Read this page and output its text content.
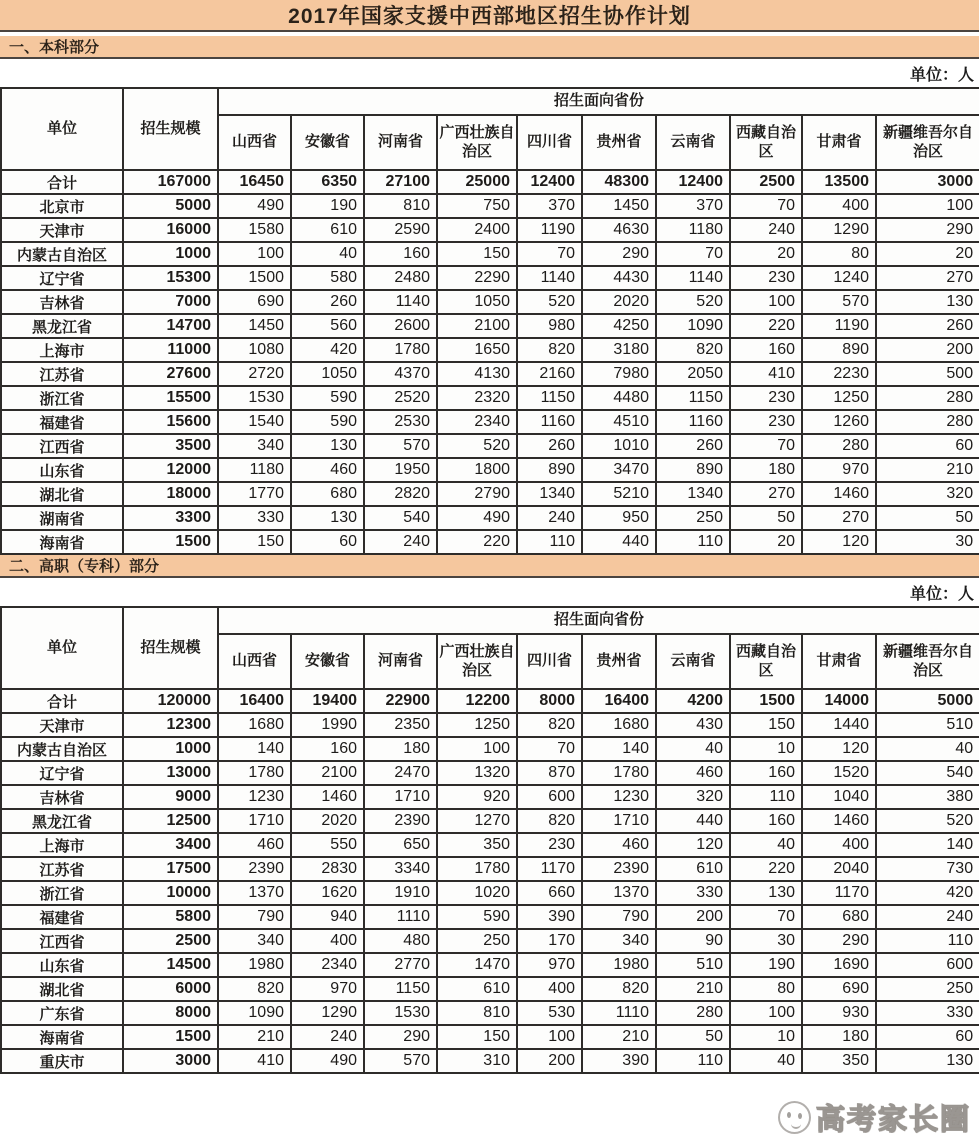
2017年国家支援中西部地区招生协作计划
一、本科部分
单位：人
单位	招生规模	招生面向省份									
		山西省	安徽省	河南省	广西壮族自治区	四川省	贵州省	云南省	西藏自治区	甘肃省	新疆维吾尔自治区
合计	167000	16450	6350	27100	25000	12400	48300	12400	2500	13500	3000
北京市	5000	490	190	810	750	370	1450	370	70	400	100
天津市	16000	1580	610	2590	2400	1190	4630	1180	240	1290	290
内蒙古自治区	1000	100	40	160	150	70	290	70	20	80	20
辽宁省	15300	1500	580	2480	2290	1140	4430	1140	230	1240	270
吉林省	7000	690	260	1140	1050	520	2020	520	100	570	130
黑龙江省	14700	1450	560	2600	2100	980	4250	1090	220	1190	260
上海市	11000	1080	420	1780	1650	820	3180	820	160	890	200
江苏省	27600	2720	1050	4370	4130	2160	7980	2050	410	2230	500
浙江省	15500	1530	590	2520	2320	1150	4480	1150	230	1250	280
福建省	15600	1540	590	2530	2340	1160	4510	1160	230	1260	280
江西省	3500	340	130	570	520	260	1010	260	70	280	60
山东省	12000	1180	460	1950	1800	890	3470	890	180	970	210
湖北省	18000	1770	680	2820	2790	1340	5210	1340	270	1460	320
湖南省	3300	330	130	540	490	240	950	250	50	270	50
海南省	1500	150	60	240	220	110	440	110	20	120	30
二、高职（专科）部分
单位：人
单位	招生规模	招生面向省份									
		山西省	安徽省	河南省	广西壮族自治区	四川省	贵州省	云南省	西藏自治区	甘肃省	新疆维吾尔自治区
合计	120000	16400	19400	22900	12200	8000	16400	4200	1500	14000	5000
天津市	12300	1680	1990	2350	1250	820	1680	430	150	1440	510
内蒙古自治区	1000	140	160	180	100	70	140	40	10	120	40
辽宁省	13000	1780	2100	2470	1320	870	1780	460	160	1520	540
吉林省	9000	1230	1460	1710	920	600	1230	320	110	1040	380
黑龙江省	12500	1710	2020	2390	1270	820	1710	440	160	1460	520
上海市	3400	460	550	650	350	230	460	120	40	400	140
江苏省	17500	2390	2830	3340	1780	1170	2390	610	220	2040	730
浙江省	10000	1370	1620	1910	1020	660	1370	330	130	1170	420
福建省	5800	790	940	1110	590	390	790	200	70	680	240
江西省	2500	340	400	480	250	170	340	90	30	290	110
山东省	14500	1980	2340	2770	1470	970	1980	510	190	1690	600
湖北省	6000	820	970	1150	610	400	820	210	80	690	250
广东省	8000	1090	1290	1530	810	530	1110	280	100	930	330
海南省	1500	210	240	290	150	100	210	50	10	180	60
重庆市	3000	410	490	570	310	200	390	110	40	350	130
高考家长圈
